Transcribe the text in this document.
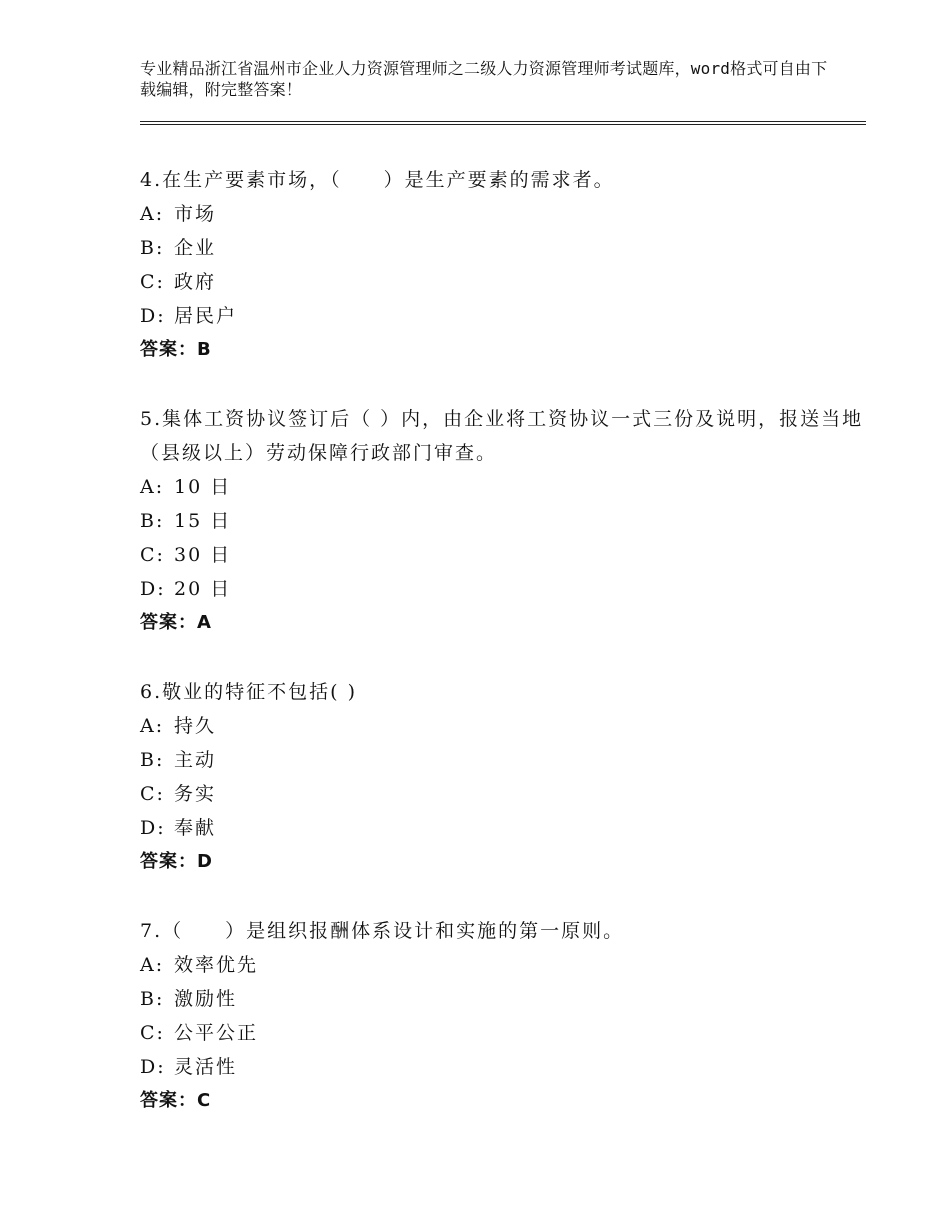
专业精品浙江省温州市企业人力资源管理师之二级人力资源管理师考试题库，word格式可自由下载编辑，附完整答案！
4.在生产要素市场，（　　）是生产要素的需求者。
A: 市场
B: 企业
C: 政府
D: 居民户
答案：B
5.集体工资协议签订后（ ）内，由企业将工资协议一式三份及说明，报送当地（县级以上）劳动保障行政部门审查。
A: 10 日
B: 15 日
C: 30 日
D: 20 日
答案：A
6.敬业的特征不包括( )
A: 持久
B: 主动
C: 务实
D: 奉献
答案：D
7.（　　）是组织报酬体系设计和实施的第一原则。
A: 效率优先
B: 激励性
C: 公平公正
D: 灵活性
答案：C
